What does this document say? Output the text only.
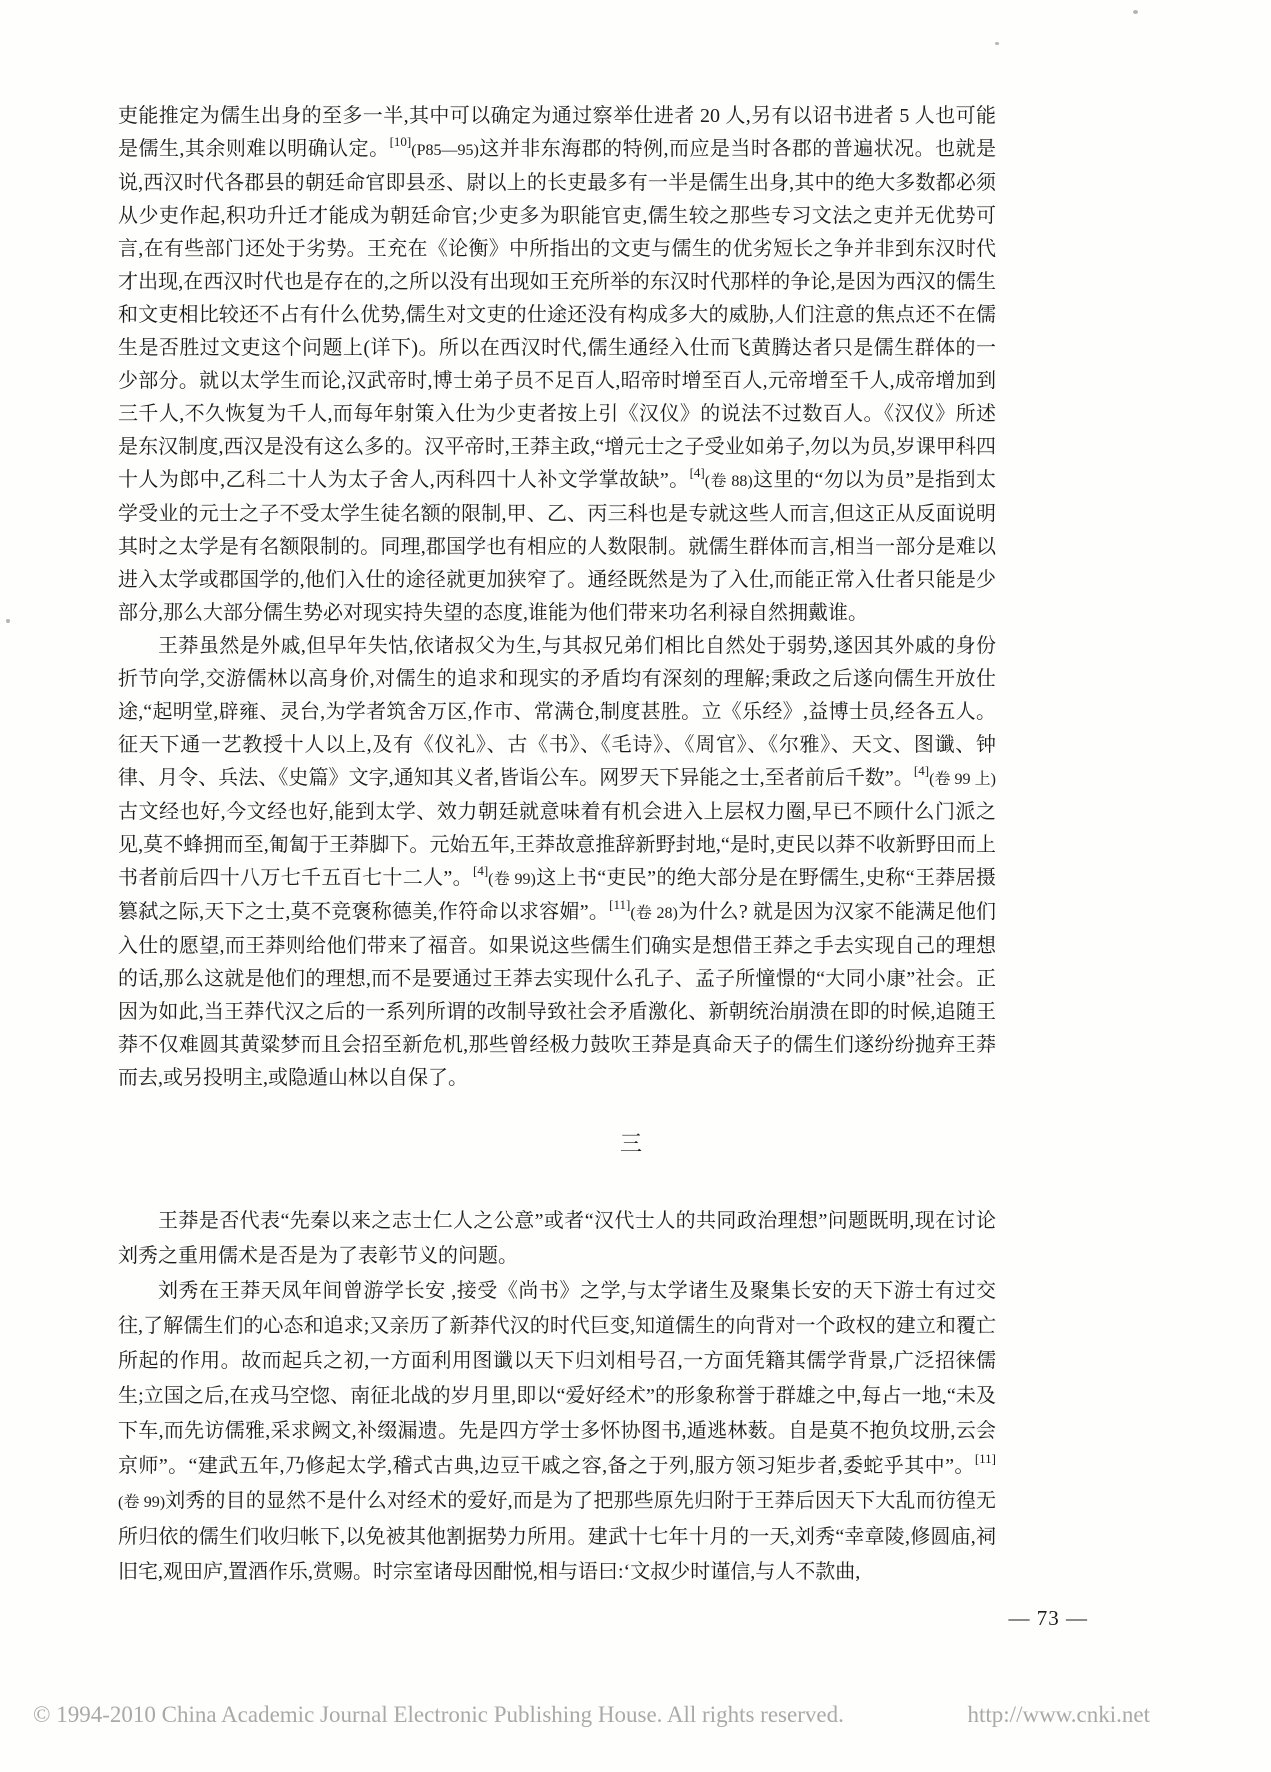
吏能推定为儒生出身的至多一半,其中可以确定为通过察举仕进者 20 人,另有以诏书进者 5 人也可能是儒生,其余则难以明确认定。[10](P85—95)这并非东海郡的特例,而应是当时各郡的普遍状况。也就是说,西汉时代各郡县的朝廷命官即县丞、尉以上的长吏最多有一半是儒生出身,其中的绝大多数都必须从少吏作起,积功升迁才能成为朝廷命官;少吏多为职能官吏,儒生较之那些专习文法之吏并无优势可言,在有些部门还处于劣势。王充在《论衡》中所指出的文吏与儒生的优劣短长之争并非到东汉时代才出现,在西汉时代也是存在的,之所以没有出现如王充所举的东汉时代那样的争论,是因为西汉的儒生和文吏相比较还不占有什么优势,儒生对文吏的仕途还没有构成多大的威胁,人们注意的焦点还不在儒生是否胜过文吏这个问题上(详下)。所以在西汉时代,儒生通经入仕而飞黄腾达者只是儒生群体的一少部分。就以太学生而论,汉武帝时,博士弟子员不足百人,昭帝时增至百人,元帝增至千人,成帝增加到三千人,不久恢复为千人,而每年射策入仕为少吏者按上引《汉仪》的说法不过数百人。《汉仪》所述是东汉制度,西汉是没有这么多的。汉平帝时,王莽主政,“增元士之子受业如弟子,勿以为员,岁课甲科四十人为郎中,乙科二十人为太子舍人,丙科四十人补文学掌故缺”。[4](卷 88)这里的“勿以为员”是指到太学受业的元士之子不受太学生徒名额的限制,甲、乙、丙三科也是专就这些人而言,但这正从反面说明其时之太学是有名额限制的。同理,郡国学也有相应的人数限制。就儒生群体而言,相当一部分是难以进入太学或郡国学的,他们入仕的途径就更加狭窄了。通经既然是为了入仕,而能正常入仕者只能是少部分,那么大部分儒生势必对现实持失望的态度,谁能为他们带来功名利禄自然拥戴谁。

王莽虽然是外戚,但早年失怙,依诸叔父为生,与其叔兄弟们相比自然处于弱势,遂因其外戚的身份折节向学,交游儒林以高身价,对儒生的追求和现实的矛盾均有深刻的理解;秉政之后遂向儒生开放仕途,“起明堂,辟雍、灵台,为学者筑舍万区,作市、常满仓,制度甚胜。立《乐经》,益博士员,经各五人。征天下通一艺教授十人以上,及有《仪礼》、古《书》、《毛诗》、《周官》、《尔雅》、天文、图谶、钟律、月令、兵法、《史篇》文字,通知其义者,皆诣公车。网罗天下异能之士,至者前后千数”。[4](卷 99 上)古文经也好,今文经也好,能到太学、效力朝廷就意味着有机会进入上层权力圈,早已不顾什么门派之见,莫不蜂拥而至,匍匐于王莽脚下。元始五年,王莽故意推辞新野封地,“是时,吏民以莽不收新野田而上书者前后四十八万七千五百七十二人”。[4](卷 99)这上书“吏民”的绝大部分是在野儒生,史称“王莽居摄篡弑之际,天下之士,莫不竞褒称德美,作符命以求容媚”。[11](卷 28)为什么? 就是因为汉家不能满足他们入仕的愿望,而王莽则给他们带来了福音。如果说这些儒生们确实是想借王莽之手去实现自己的理想的话,那么这就是他们的理想,而不是要通过王莽去实现什么孔子、孟子所憧憬的“大同小康”社会。正因为如此,当王莽代汉之后的一系列所谓的改制导致社会矛盾激化、新朝统治崩溃在即的时候,追随王莽不仅难圆其黄粱梦而且会招至新危机,那些曾经极力鼓吹王莽是真命天子的儒生们遂纷纷抛弃王莽而去,或另投明主,或隐遁山林以自保了。

三

王莽是否代表“先秦以来之志士仁人之公意”或者“汉代士人的共同政治理想”问题既明,现在讨论刘秀之重用儒术是否是为了表彰节义的问题。

刘秀在王莽天凤年间曾游学长安 ,接受《尚书》之学,与太学诸生及聚集长安的天下游士有过交往,了解儒生们的心态和追求;又亲历了新莽代汉的时代巨变,知道儒生的向背对一个政权的建立和覆亡所起的作用。故而起兵之初,一方面利用图谶以天下归刘相号召,一方面凭籍其儒学背景,广泛招徕儒生;立国之后,在戎马空惚、南征北战的岁月里,即以“爱好经术”的形象称誉于群雄之中,每占一地,“未及下车,而先访儒雅,采求阙文,补缀漏遗。先是四方学士多怀协图书,遁逃林薮。自是莫不抱负坟册,云会京师”。“建武五年,乃修起太学,稽式古典,边豆干戚之容,备之于列,服方领习矩步者,委蛇乎其中”。[11](卷 99)刘秀的目的显然不是什么对经术的爱好,而是为了把那些原先归附于王莽后因天下大乱而彷徨无所归依的儒生们收归帐下,以免被其他割据势力所用。建武十七年十月的一天,刘秀“幸章陵,修圆庙,祠旧宅,观田庐,置酒作乐,赏赐。时宗室诸母因酣悦,相与语曰:‘文叔少时谨信,与人不款曲,

— 73 —
© 1994-2010 China Academic Journal Electronic Publishing House. All rights reserved.	http://www.cnki.net
